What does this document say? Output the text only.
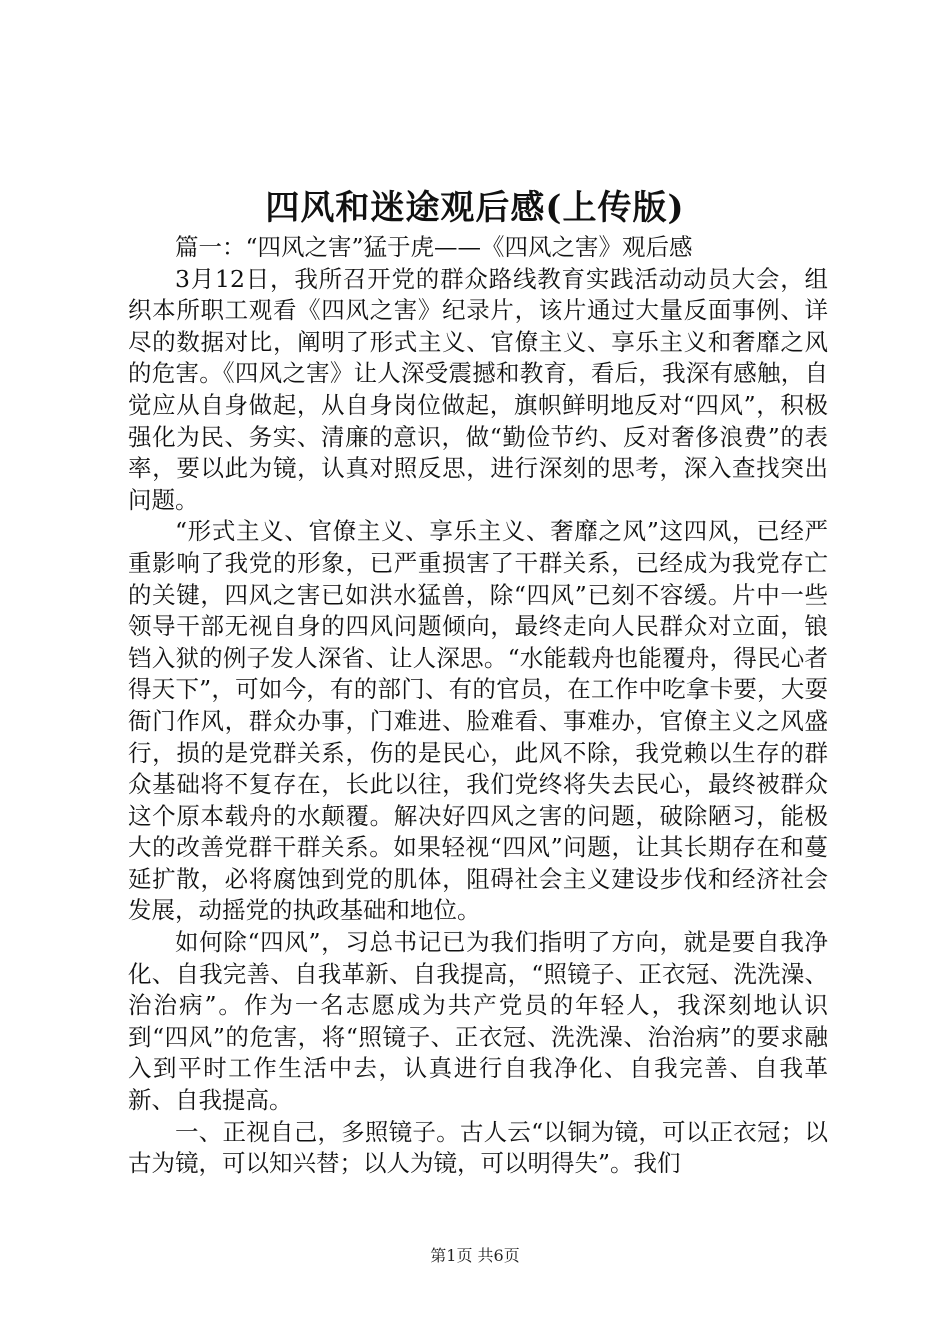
四风和迷途观后感(上传版)

篇一：“四风之害”猛于虎——《四风之害》观后感

3月12日，我所召开党的群众路线教育实践活动动员大会，组织本所职工观看《四风之害》纪录片，该片通过大量反面事例、详尽的数据对比，阐明了形式主义、官僚主义、享乐主义和奢靡之风的危害。《四风之害》让人深受震撼和教育，看后，我深有感触，自觉应从自身做起，从自身岗位做起，旗帜鲜明地反对“四风”，积极强化为民、务实、清廉的意识，做“勤俭节约、反对奢侈浪费”的表率，要以此为镜，认真对照反思，进行深刻的思考，深入查找突出问题。

“形式主义、官僚主义、享乐主义、奢靡之风”这四风，已经严重影响了我党的形象，已严重损害了干群关系，已经成为我党存亡的关键，四风之害已如洪水猛兽，除“四风”已刻不容缓。片中一些领导干部无视自身的四风问题倾向，最终走向人民群众对立面，锒铛入狱的例子发人深省、让人深思。“水能载舟也能覆舟，得民心者得天下”，可如今，有的部门、有的官员，在工作中吃拿卡要，大耍衙门作风，群众办事，门难进、脸难看、事难办，官僚主义之风盛行，损的是党群关系，伤的是民心，此风不除，我党赖以生存的群众基础将不复存在，长此以往，我们党终将失去民心，最终被群众这个原本载舟的水颠覆。解决好四风之害的问题，破除陋习，能极大的改善党群干群关系。如果轻视“四风”问题，让其长期存在和蔓延扩散，必将腐蚀到党的肌体，阻碍社会主义建设步伐和经济社会发展，动摇党的执政基础和地位。

如何除“四风”，习总书记已为我们指明了方向，就是要自我净化、自我完善、自我革新、自我提高，“照镜子、正衣冠、洗洗澡、治治病”。作为一名志愿成为共产党员的年轻人，我深刻地认识到“四风”的危害，将“照镜子、正衣冠、洗洗澡、治治病”的要求融入到平时工作生活中去，认真进行自我净化、自我完善、自我革新、自我提高。

一、正视自己，多照镜子。古人云“以铜为镜，可以正衣冠；以古为镜，可以知兴替；以人为镜，可以明得失”。我们

第1页 共6页
